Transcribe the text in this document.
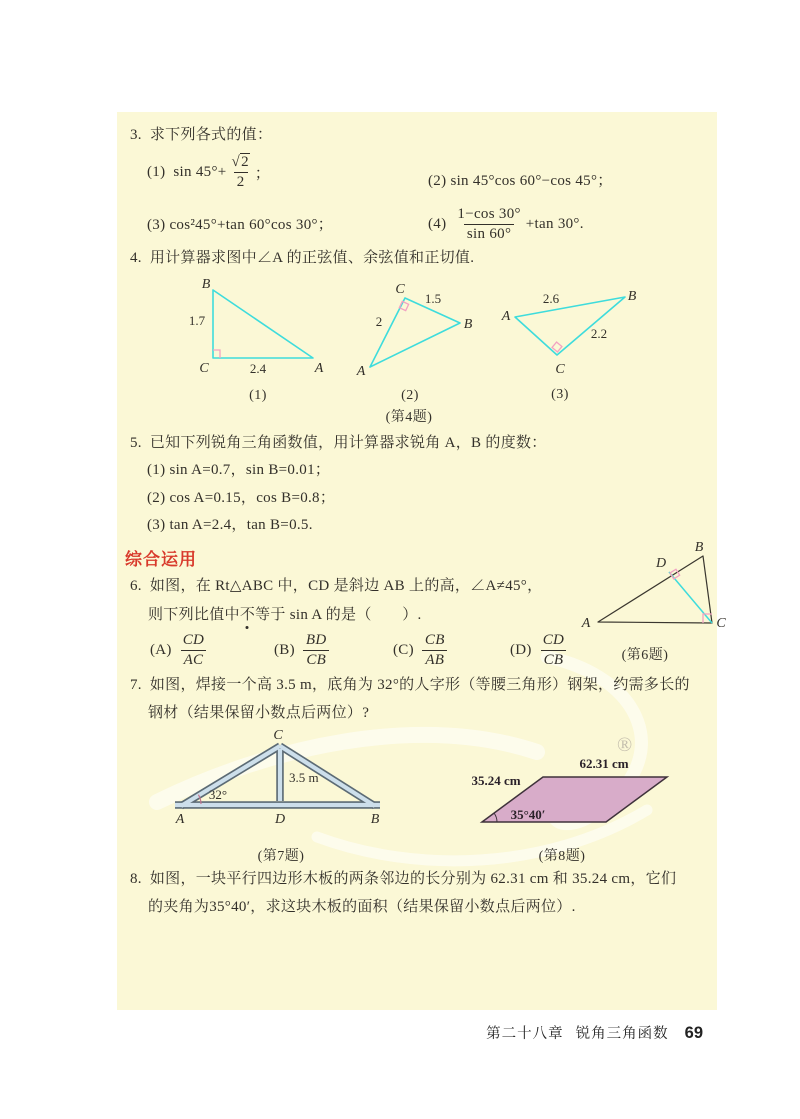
®
3. 求下列各式的值：
(1) $\sin 45^\circ+ \frac{√2}{2}$ ；	(2) sin 45°cos 60°−cos 45°；
(3) cos²45°+tan 60°cos 30°；	$(4) \frac{1-\cos 30^\circ}{\sin 60^\circ} +\tan$ 30°.
4. 用计算器求图中∠A 的正弦值、余弦值和正切值.
B
1.7
C	2.4	A
(1)
C
1.5
2	B
A
(2)
A
B
2.6
2.2
C
(3)
(第4题)
5. 已知下列锐角三角函数值，用计算器求锐角 A，B 的度数：
(1) sin A=0.7，sin B=0.01；
(2) cos A=0.15，cos B=0.8；
(3) tan A=2.4，tan B=0.5.
综合运用
6. 如图，在 Rt△ABC 中，CD 是斜边 AB 上的高，∠A≠45°，
则下列比值中不等于 sin A 的是（　　）.
$(A) \frac{CD}{AC}$	$(B) \frac{BD}{CB}$	$(C) \frac{CB}{AB}$	$(D) \frac{CD}{CB}$
A
B
C
D
(第6题)
7. 如图，焊接一个高 3.5 m，底角为 32°的人字形（等腰三角形）钢架，约需多长的
钢材（结果保留小数点后两位）?
32°
C
A	D	B
3.5 m
(第7题)
62.31 cm
35.24 cm
35°40′
(第8题)
8. 如图，一块平行四边形木板的两条邻边的长分别为 62.31 cm 和 35.24 cm，它们
的夹角为35°40′，求这块木板的面积（结果保留小数点后两位）.
第二十八章 锐角三角函数 69
